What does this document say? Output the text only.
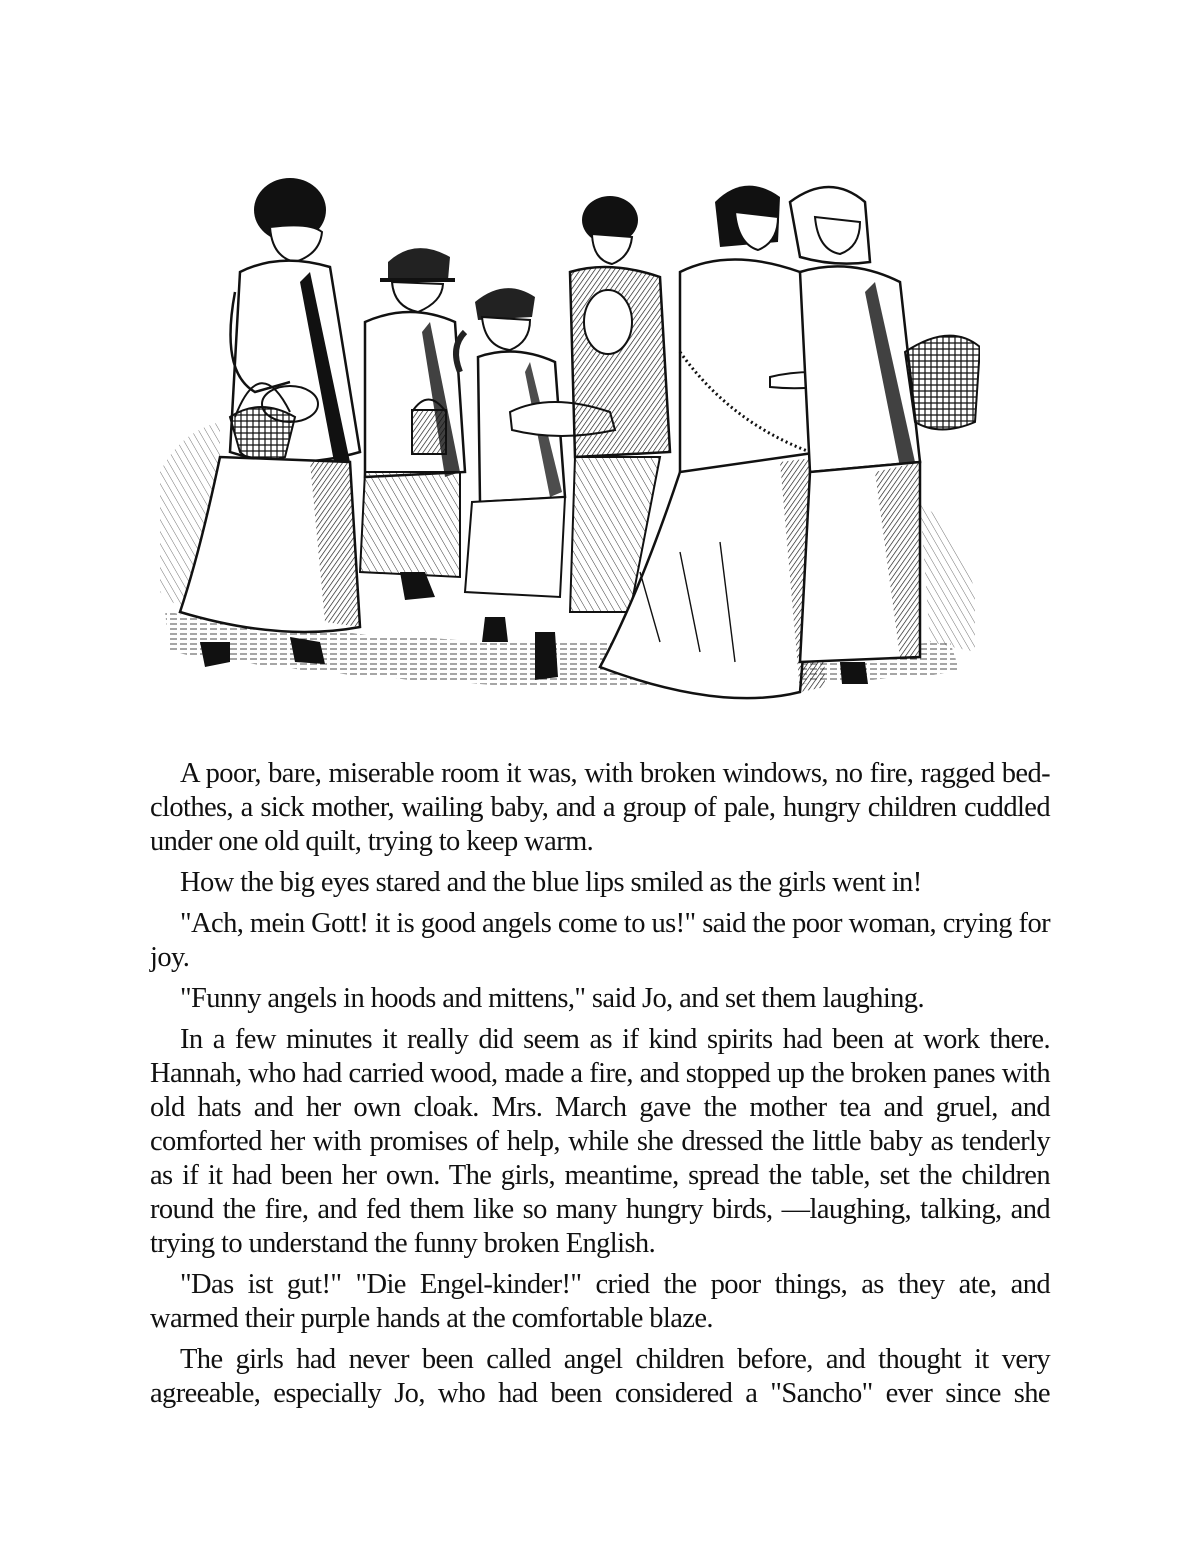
A poor, bare, miserable room it was, with broken windows, no fire, ragged bed-clothes, a sick mother, wailing baby, and a group of pale, hungry children cuddled under one old quilt, trying to keep warm.

How the big eyes stared and the blue lips smiled as the girls went in!

"Ach, mein Gott! it is good angels come to us!" said the poor woman, crying for joy.

"Funny angels in hoods and mittens," said Jo, and set them laughing.

In a few minutes it really did seem as if kind spirits had been at work there. Hannah, who had carried wood, made a fire, and stopped up the broken panes with old hats and her own cloak. Mrs. March gave the mother tea and gruel, and comforted her with promises of help, while she dressed the little baby as tenderly as if it had been her own. The girls, meantime, spread the table, set the children round the fire, and fed them like so many hungry birds, —laughing, talking, and trying to understand the funny broken English.

"Das ist gut!" "Die Engel-kinder!" cried the poor things, as they ate, and warmed their purple hands at the comfortable blaze.

The girls had never been called angel children before, and thought it very agreeable, especially Jo, who had been considered a "Sancho" ever since she
